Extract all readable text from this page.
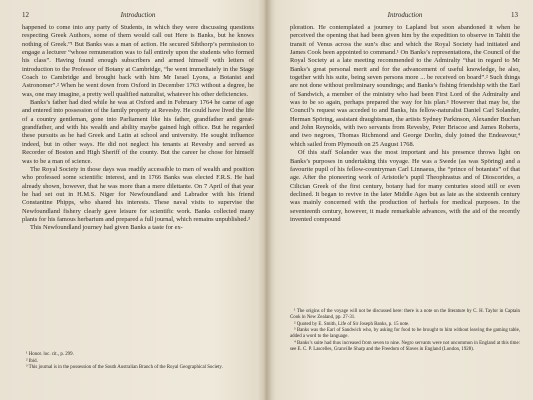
12	Introduction

happened to come into any party of Students, in which they were discussing questions respecting Greek Authors, some of them would call out Here is Banks, but he knows nothing of Greek.”¹ But Banks was a man of action. He secured Sibthorp’s permission to engage a lecturer “whose remuneration was to fall entirely upon the students who formed his class”. Having found enough subscribers and armed himself with letters of introduction to the Professor of Botany at Cambridge, “he went immediately in the Stage Coach to Cambridge and brought back with him Mr Israel Lyons, a Botanist and Astronomer”.² When he went down from Oxford in December 1763 without a degree, he was, one may imagine, a pretty well qualified naturalist, whatever his other deficiencies.

Banks’s father had died while he was at Oxford and in February 1764 he came of age and entered into possession of the family property at Revesby. He could have lived the life of a country gentleman, gone into Parliament like his father, grandfather and great-grandfather, and with his wealth and ability maybe gained high office. But he regarded these pursuits as he had Greek and Latin at school and university. He sought influence indeed, but in other ways. He did not neglect his tenants at Revesby and served as Recorder of Boston and High Sheriff of the county. But the career he chose for himself was to be a man of science.

The Royal Society in those days was readily accessible to men of wealth and position who professed some scientific interest, and in 1766 Banks was elected F.R.S. He had already shown, however, that he was more than a mere dilettante. On 7 April of that year he had set out in H.M.S. Niger for Newfoundland and Labrador with his friend Constantine Phipps, who shared his interests. These naval visits to supervise the Newfoundland fishery clearly gave leisure for scientific work. Banks collected many plants for his famous herbarium and prepared a full journal, which remains unpublished.³

This Newfoundland journey had given Banks a taste for ex-

¹ Honor. loc. cit., p. 299.

² Ibid.

³ This journal is in the possession of the South Australian Branch of the Royal Geographical Society.

Introduction	13

ploration. He contemplated a journey to Lapland but soon abandoned it when he perceived the opening that had been given him by the expedition to observe in Tahiti the transit of Venus across the sun’s disc and which the Royal Society had initiated and James Cook been appointed to command.¹ On Banks’s representations, the Council of the Royal Society at a late meeting recommended to the Admiralty “that in regard to Mr Banks’s great personal merit and for the advancement of useful knowledge, he also, together with his suite, being seven persons more ... be received on board”.² Such things are not done without preliminary soundings; and Banks’s fishing friendship with the Earl of Sandwich, a member of the ministry who had been First Lord of the Admiralty and was to be so again, perhaps prepared the way for his plan.³ However that may be, the Council’s request was acceded to and Banks, his fellow-naturalist Daniel Carl Solander, Herman Spöring, assistant draughtsman, the artists Sydney Parkinson, Alexander Buchan and John Reynolds, with two servants from Revesby, Peter Briscoe and James Roberts, and two negroes, Thomas Richmond and George Dorlin, duly joined the Endeavour,⁴ which sailed from Plymouth on 25 August 1768.

Of this staff Solander was the most important and his presence throws light on Banks’s purposes in undertaking this voyage. He was a Swede (as was Spöring) and a favourite pupil of his fellow-countryman Carl Linnaeus, the “prince of botanists” of that age. After the pioneering work of Aristotle’s pupil Theophrastus and of Dioscorides, a Cilician Greek of the first century, botany had for many centuries stood still or even declined. It began to revive in the later Middle Ages but as late as the sixteenth century was mainly concerned with the production of herbals for medical purposes. In the seventeenth century, however, it made remarkable advances, with the aid of the recently invented compound

¹ The origins of the voyage will not be discussed here: there is a note on the literature by C. H. Taylor in Captain Cook in New Zealand, pp. 27-31.

² Quoted by E. Smith, Life of Sir Joseph Banks, p. 15 note.

³ Banks was the Earl of Sandwich who, by asking for food to be brought to him without leaving the gaming table, added a word to the language.

⁴ Banks’s suite had thus increased from seven to nine. Negro servants were not uncommon in England at this time: see E. C. P. Lascelles, Granville Sharp and the Freedom of Slaves in England (London, 1928).
